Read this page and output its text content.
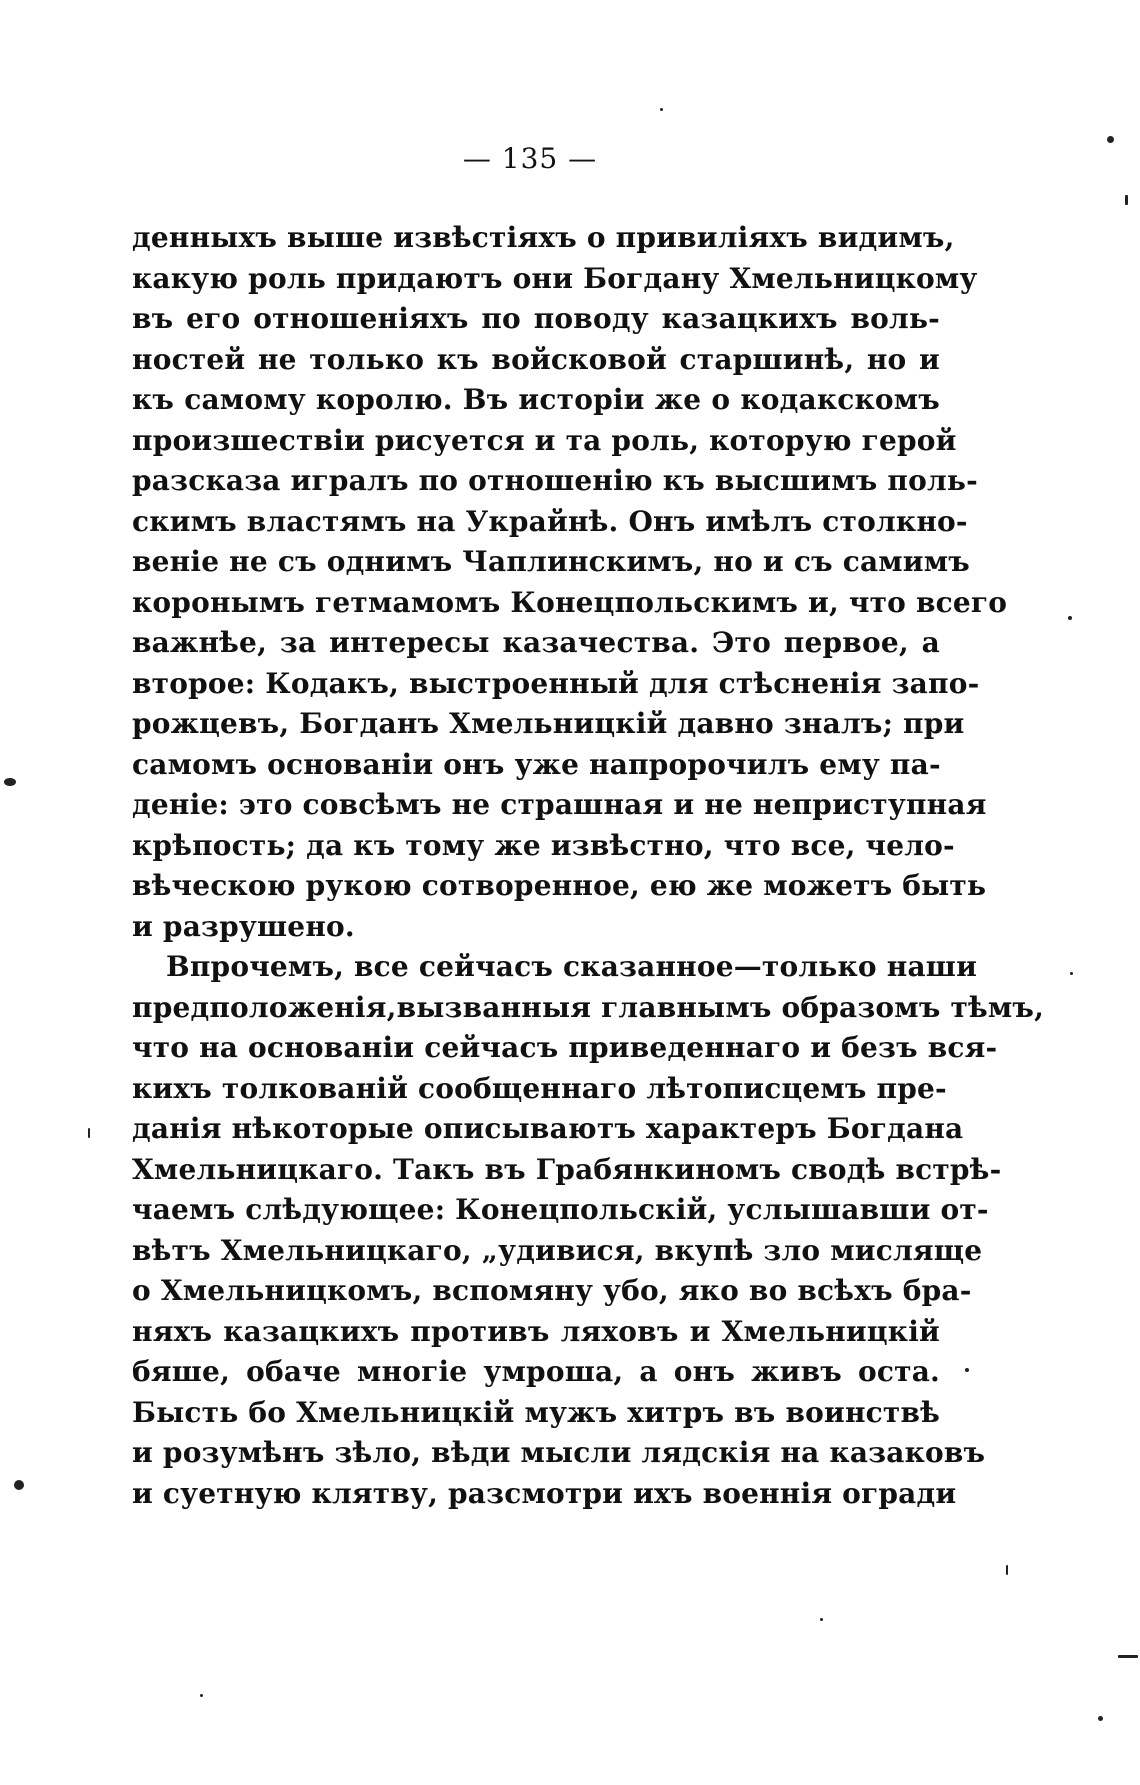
— 135 —
денныхъ выше извѣстіяхъ о привиліяхъ видимъ,
какую роль придаютъ они Богдану Хмельницкому
въ его отношеніяхъ по поводу казацкихъ воль-
ностей не только къ войсковой старшинѣ, но и
къ самому королю. Въ исторіи же о кодакскомъ
произшествіи рисуется и та роль, которую герой
разсказа игралъ по отношенію къ высшимъ поль-
скимъ властямъ на Украйнѣ. Онъ имѣлъ столкно-
веніе не съ однимъ Чаплинскимъ, но и съ самимъ
коронымъ гетмамомъ Конецпольскимъ и, что всего
важнѣе, за интересы казачества. Это первое, а
второе: Кодакъ, выстроенный для стѣсненія запо-
рожцевъ, Богданъ Хмельницкій давно зналъ; при
самомъ основаніи онъ уже напророчилъ ему па-
деніе: это совсѣмъ не страшная и не неприступная
крѣпость; да къ тому же извѣстно, что все, чело-
вѣческою рукою сотворенное, ею же можетъ быть
и разрушено.
Впрочемъ, все сейчасъ сказанное—только наши
предположенія,вызванныя главнымъ образомъ тѣмъ,
что на основаніи сейчасъ приведеннаго и безъ вся-
кихъ толкованій сообщеннаго лѣтописцемъ пре-
данія нѣкоторые описываютъ характеръ Богдана
Хмельницкаго. Такъ въ Грабянкиномъ сводѣ встрѣ-
чаемъ слѣдующее: Конецпольскій, услышавши от-
вѣтъ Хмельницкаго, „удивися, вкупѣ зло мисляще
о Хмельницкомъ, вспомяну убо, яко во всѣхъ бра-
няхъ казацкихъ противъ ляховъ и Хмельницкій
бяше, обаче многіе умроша, а онъ живъ оста.
Бысть бо Хмельницкій мужъ хитръ въ воинствѣ
и розумѣнъ зѣло, вѣди мысли лядскія на казаковъ
и суетную клятву, разсмотри ихъ военнія огради
